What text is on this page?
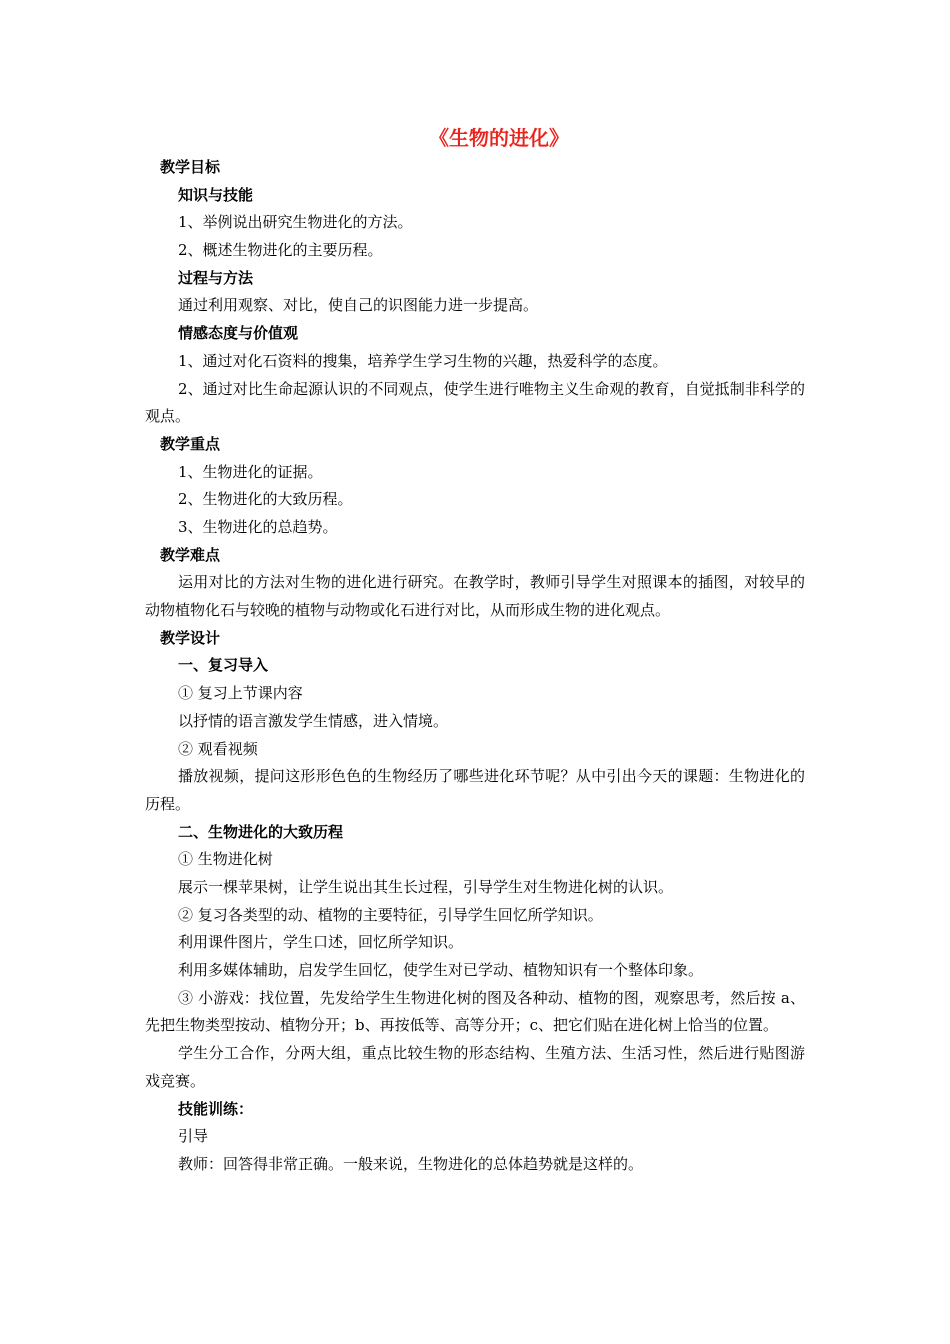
《生物的进化》
教学目标
知识与技能
1、举例说出研究生物进化的方法。
2、概述生物进化的主要历程。
过程与方法
通过利用观察、对比，使自己的识图能力进一步提高。
情感态度与价值观
1、通过对化石资料的搜集，培养学生学习生物的兴趣，热爱科学的态度。

2、通过对比生命起源认识的不同观点，使学生进行唯物主义生命观的教育，自觉抵制非科学的观点。

教学重点
1、生物进化的证据。
2、生物进化的大致历程。
3、生物进化的总趋势。
教学难点

运用对比的方法对生物的进化进行研究。在教学时，教师引导学生对照课本的插图，对较早的动物植物化石与较晚的植物与动物或化石进行对比，从而形成生物的进化观点。

教学设计
一、复习导入
① 复习上节课内容
以抒情的语言激发学生情感，进入情境。
② 观看视频

播放视频，提问这形形色色的生物经历了哪些进化环节呢？从中引出今天的课题：生物进化的历程。

二、生物进化的大致历程
① 生物进化树
展示一棵苹果树，让学生说出其生长过程，引导学生对生物进化树的认识。
② 复习各类型的动、植物的主要特征，引导学生回忆所学知识。
利用课件图片，学生口述，回忆所学知识。
利用多媒体辅助，启发学生回忆，使学生对已学动、植物知识有一个整体印象。

③ 小游戏：找位置，先发给学生生物进化树的图及各种动、植物的图，观察思考，然后按 a、先把生物类型按动、植物分开；b、再按低等、高等分开；c、把它们贴在进化树上恰当的位置。

学生分工合作，分两大组，重点比较生物的形态结构、生殖方法、生活习性，然后进行贴图游戏竞赛。

技能训练：
引导
教师：回答得非常正确。一般来说，生物进化的总体趋势就是这样的。
